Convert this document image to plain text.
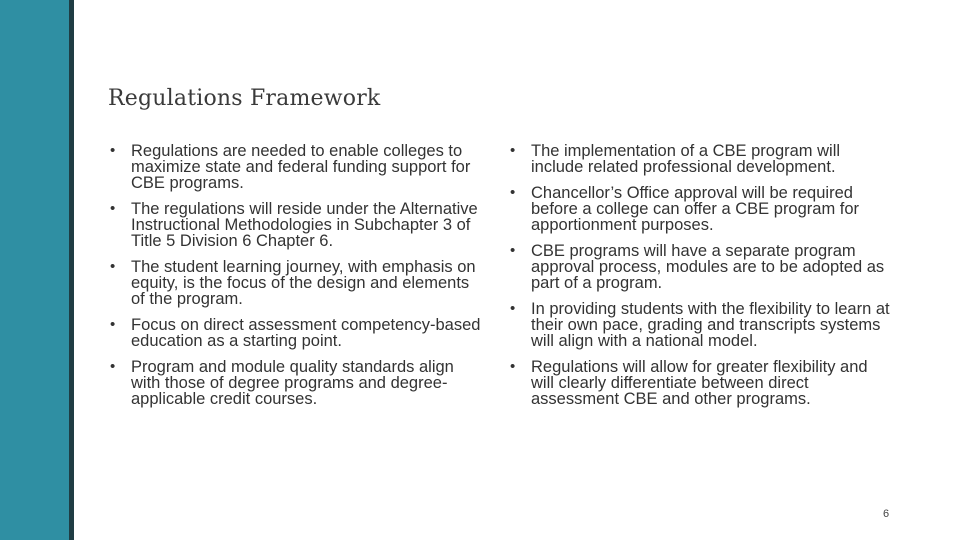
Regulations Framework
• Regulations are needed to enable colleges to maximize state and federal funding support for CBE programs.
• The regulations will reside under the Alternative Instructional Methodologies in Subchapter 3 of Title 5 Division 6 Chapter 6.
• The student learning journey, with emphasis on equity, is the focus of the design and elements of the program.
• Focus on direct assessment competency-based education as a starting point.
• Program and module quality standards align with those of degree programs and degree-applicable credit courses.
• The implementation of a CBE program will include related professional development.
• Chancellor’s Office approval will be required before a college can offer a CBE program for apportionment purposes.
• CBE programs will have a separate program approval process, modules are to be adopted as part of a program.
• In providing students with the flexibility to learn at their own pace, grading and transcripts systems will align with a national model.
• Regulations will allow for greater flexibility and will clearly differentiate between direct assessment CBE and other programs.
6
